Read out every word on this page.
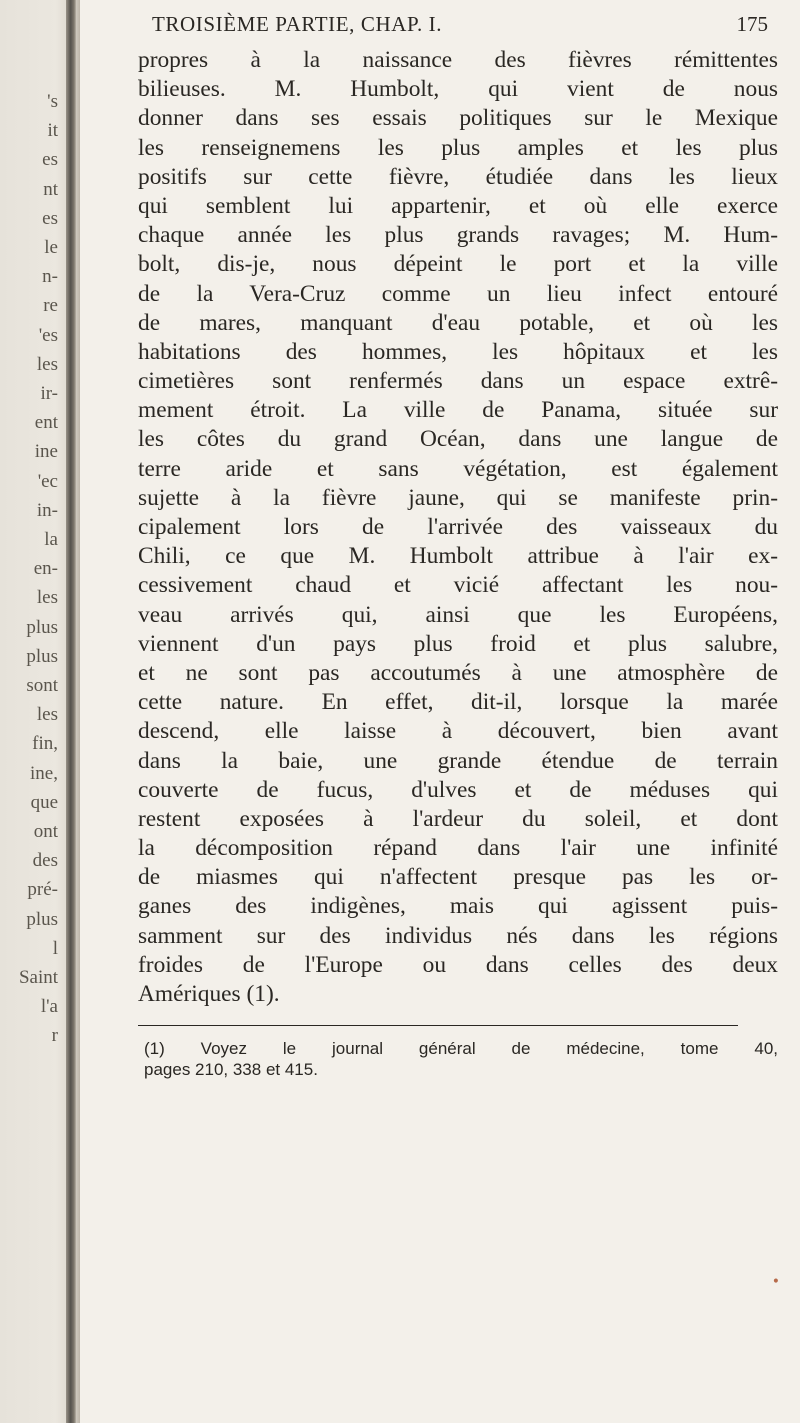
's
it
es
nt
es
le
n-
re
'es
les
ir-
ent
ine
'ec
in-
la
en-
les
plus
plus
sont
les
fin,
ine,
que
ont
des
pré-
plus
l
Saint
l'a
r
TROISIÈME PARTIE, CHAP. I.	175
propres à la naissance des fièvres rémittentes
bilieuses. M. Humbolt, qui vient de nous
donner dans ses essais politiques sur le Mexique
les renseignemens les plus amples et les plus
positifs sur cette fièvre, étudiée dans les lieux
qui semblent lui appartenir, et où elle exerce
chaque année les plus grands ravages; M. Hum-
bolt, dis-je, nous dépeint le port et la ville
de la Vera-Cruz comme un lieu infect entouré
de mares, manquant d'eau potable, et où les
habitations des hommes, les hôpitaux et les
cimetières sont renfermés dans un espace extrê-
mement étroit. La ville de Panama, située sur
les côtes du grand Océan, dans une langue de
terre aride et sans végétation, est également
sujette à la fièvre jaune, qui se manifeste prin-
cipalement lors de l'arrivée des vaisseaux du
Chili, ce que M. Humbolt attribue à l'air ex-
cessivement chaud et vicié affectant les nou-
veau arrivés qui, ainsi que les Européens,
viennent d'un pays plus froid et plus salubre,
et ne sont pas accoutumés à une atmosphère de
cette nature. En effet, dit-il, lorsque la marée
descend, elle laisse à découvert, bien avant
dans la baie, une grande étendue de terrain
couverte de fucus, d'ulves et de méduses qui
restent exposées à l'ardeur du soleil, et dont
la décomposition répand dans l'air une infinité
de miasmes qui n'affectent presque pas les or-
ganes des indigènes, mais qui agissent puis-
samment sur des individus nés dans les régions
froides de l'Europe ou dans celles des deux
Amériques (1).
(1) Voyez le journal général de médecine, tome 40,
pages 210, 338 et 415.
•
